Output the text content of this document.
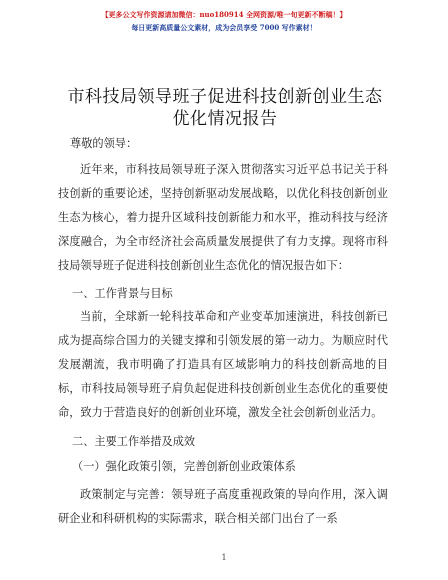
【更多公文写作资源请加微信：nuo180914 全网资源/唯一旬更新不断稿！】
每日更新高质量公文素材，成为会员享受 7000 写作素材！
市科技局领导班子促进科技创新创业生态优化情况报告
尊敬的领导：
近年来，市科技局领导班子深入贯彻落实习近平总书记关于科技创新的重要论述，坚持创新驱动发展战略，以优化科技创新创业生态为核心，着力提升区域科技创新能力和水平，推动科技与经济深度融合，为全市经济社会高质量发展提供了有力支撑。现将市科技局领导班子促进科技创新创业生态优化的情况报告如下：
一、工作背景与目标
当前，全球新一轮科技革命和产业变革加速演进，科技创新已成为提高综合国力的关键支撑和引领发展的第一动力。为顺应时代发展潮流，我市明确了打造具有区域影响力的科技创新高地的目标，市科技局领导班子肩负起促进科技创新创业生态优化的重要使命，致力于营造良好的创新创业环境，激发全社会创新创业活力。
二、主要工作举措及成效
（一）强化政策引领，完善创新创业政策体系
政策制定与完善：领导班子高度重视政策的导向作用，深入调研企业和科研机构的实际需求，联合相关部门出台了一系
1
